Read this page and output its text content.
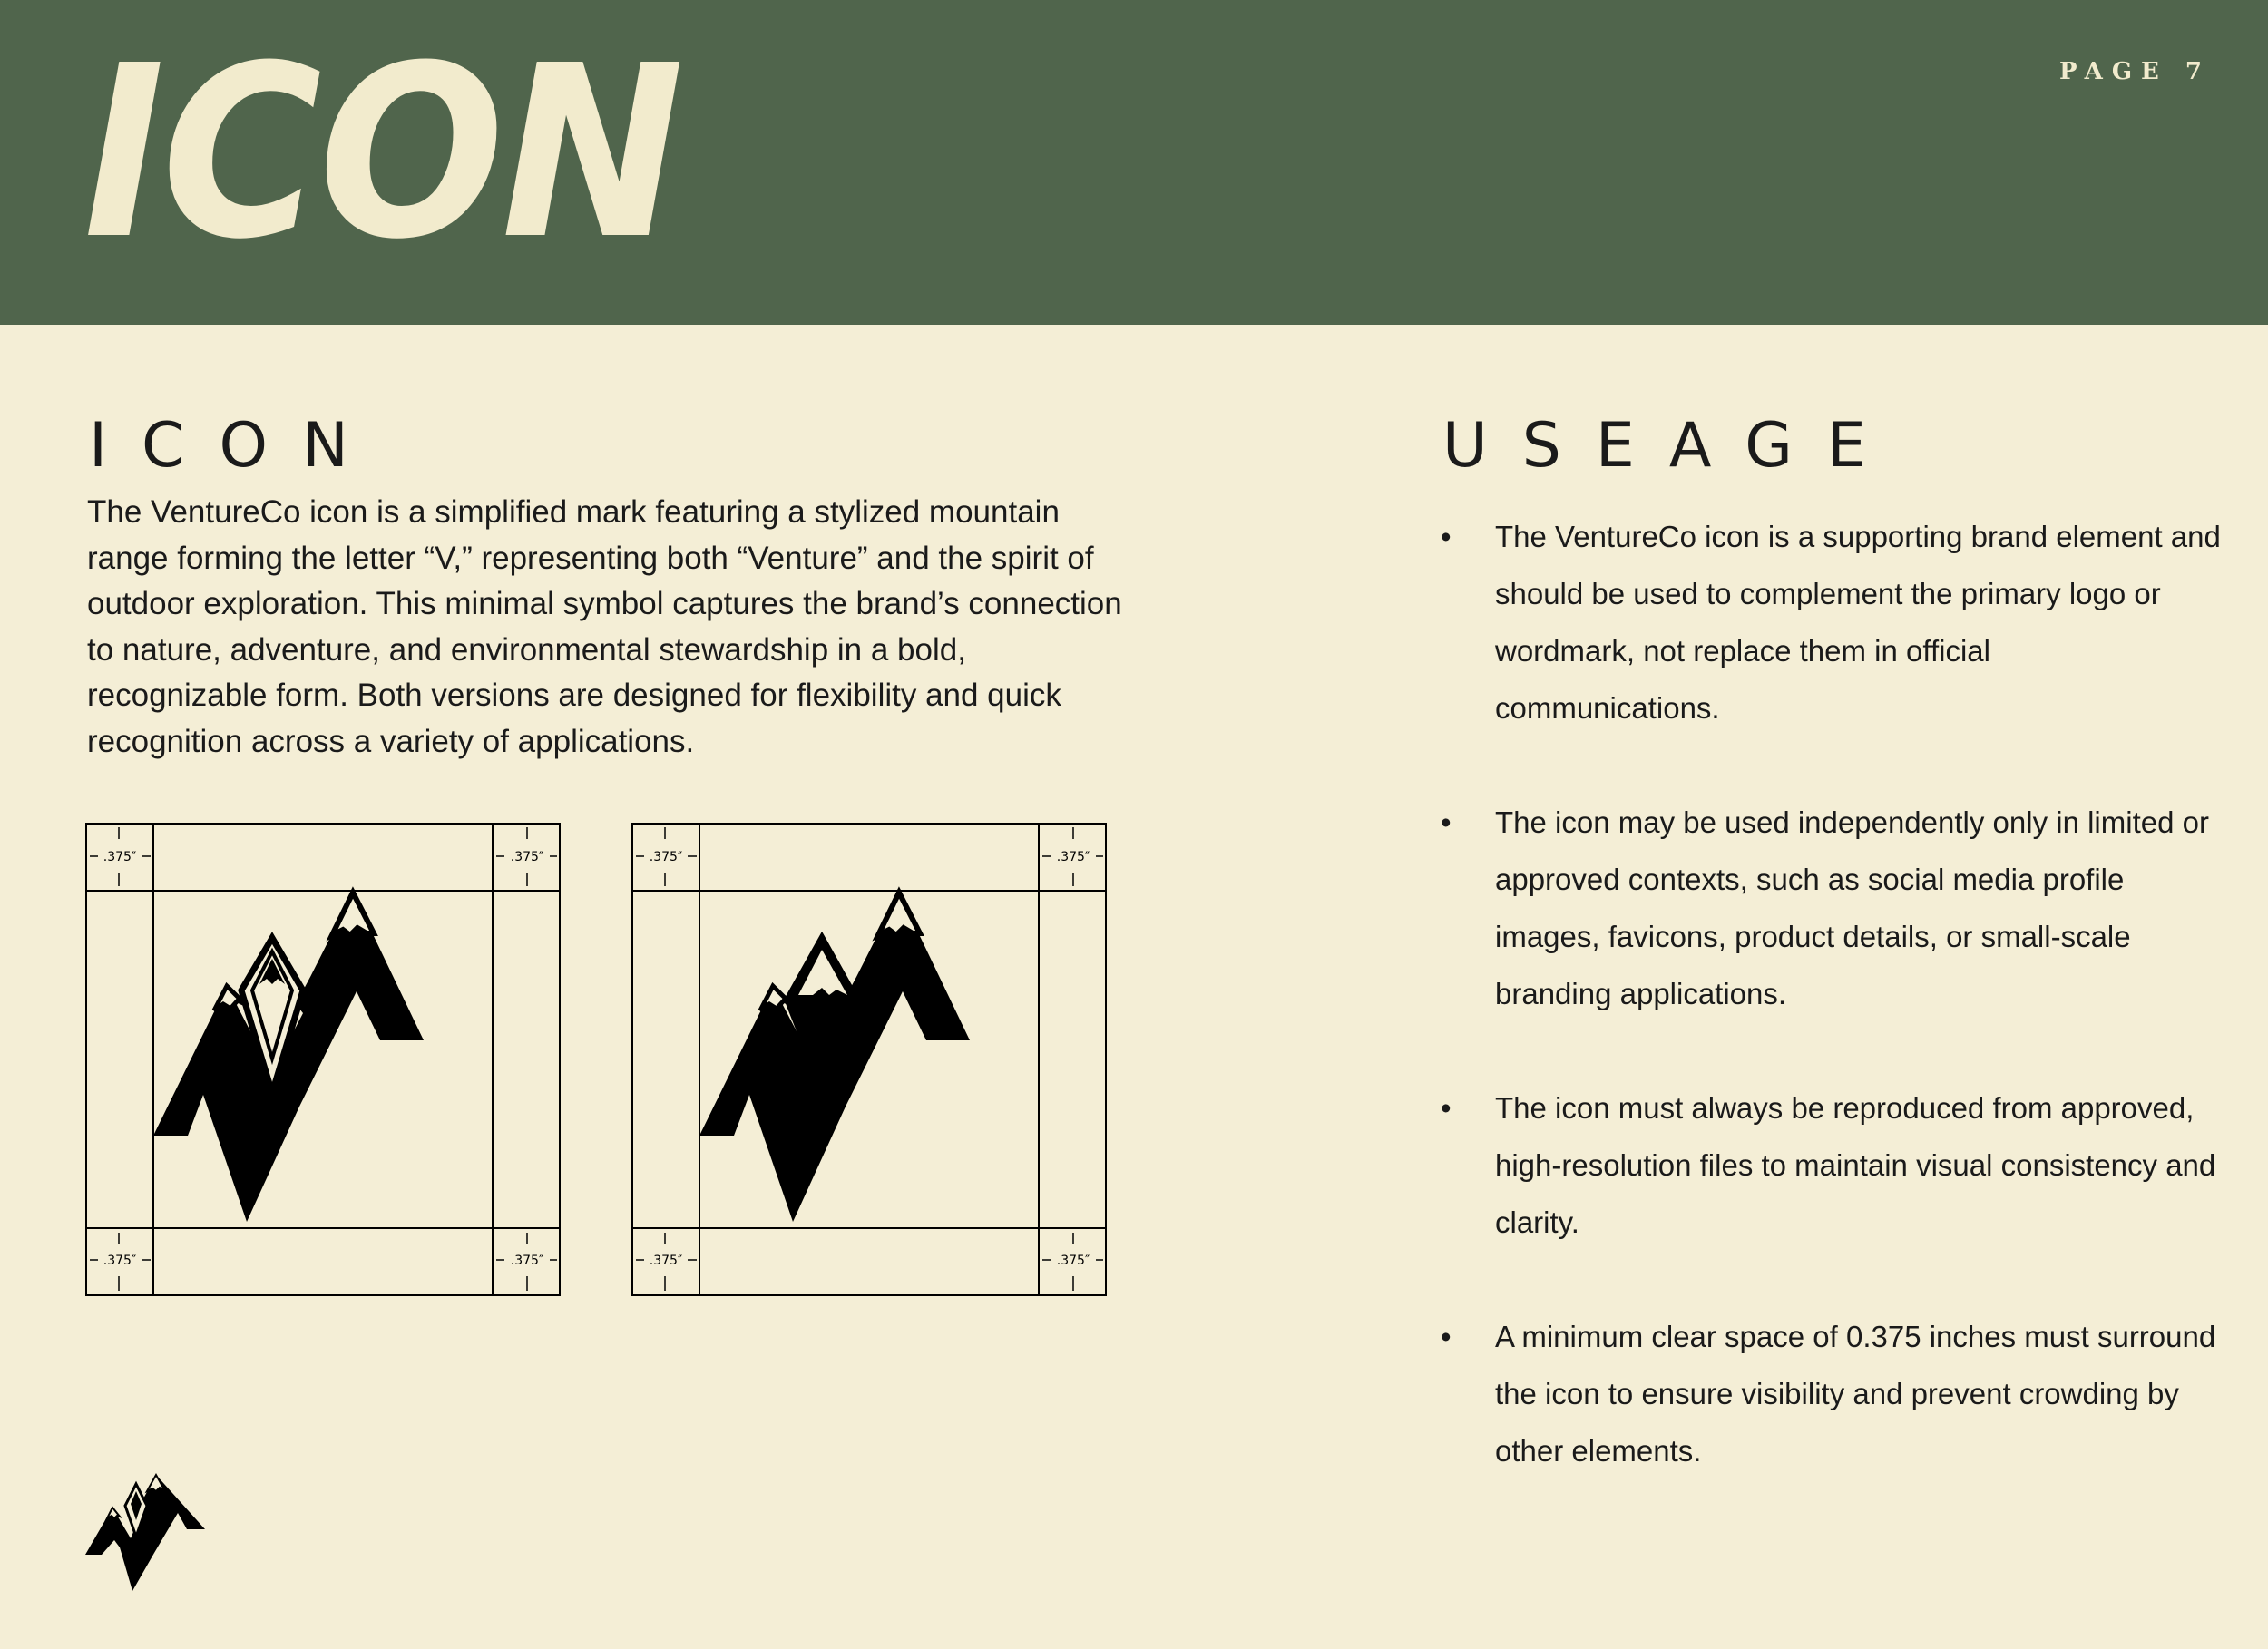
ICON	PAGE 7
ICON

The VentureCo icon is a simplified mark featuring a stylized mountain range forming the letter “V,” representing both “Venture” and the spirit of outdoor exploration. This minimal symbol captures the brand’s connection to nature, adventure, and environmental stewardship in a bold, recognizable form. Both versions are designed for flexibility and quick recognition across a variety of applications.

USEAGE
• The VentureCo icon is a supporting brand element and should be used to complement the primary logo or wordmark, not replace them in official communications.
• The icon may be used independently only in limited or approved contexts, such as social media profile images, favicons, product details, or small-scale branding applications.
• The icon must always be reproduced from approved, high-resolution files to maintain visual consistency and clarity.
• A minimum clear space of 0.375 inches must surround the icon to ensure visibility and prevent crowding by other elements.
.375″	.375″
.375″	.375″
.375″	.375″
.375″	.375″
